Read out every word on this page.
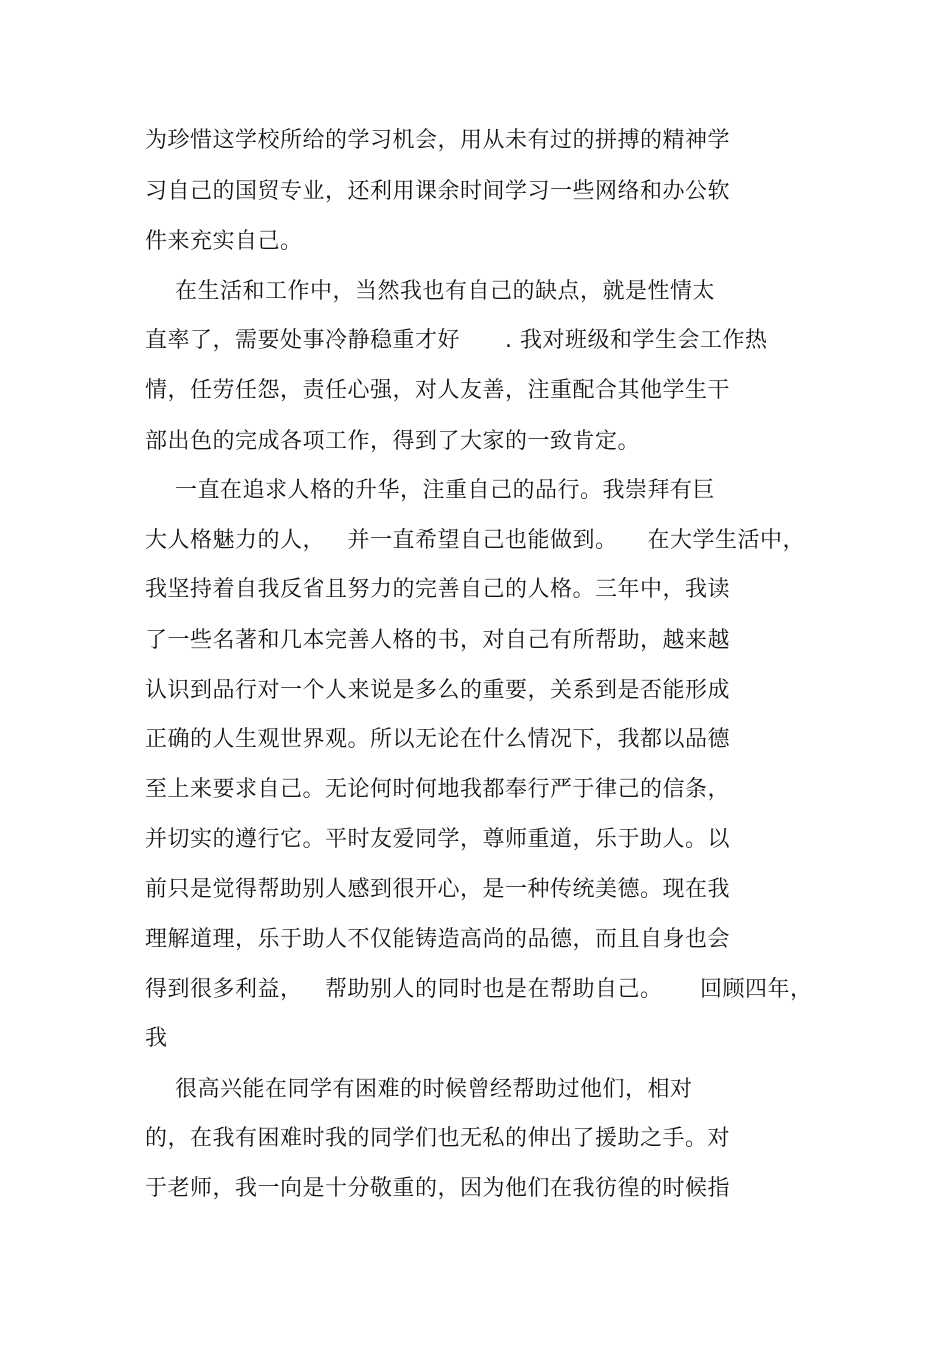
为珍惜这学校所给的学习机会，用从未有过的拼搏的精神学
习自己的国贸专业，还利用课余时间学习一些网络和办公软
件来充实自己。
在生活和工作中，当然我也有自己的缺点，就是性情太
直率了，需要处事冷静稳重才好      . 我对班级和学生会工作热
情，任劳任怨，责任心强，对人友善，注重配合其他学生干
部出色的完成各项工作，得到了大家的一致肯定。
一直在追求人格的升华，注重自己的品行。我崇拜有巨
大人格魅力的人，   并一直希望自己也能做到。    在大学生活中，
我坚持着自我反省且努力的完善自己的人格。三年中，我读
了一些名著和几本完善人格的书，对自己有所帮助，越来越
认识到品行对一个人来说是多么的重要，关系到是否能形成
正确的人生观世界观。所以无论在什么情况下，我都以品德
至上来要求自己。无论何时何地我都奉行严于律己的信条，
并切实的遵行它。平时友爱同学，尊师重道，乐于助人。以
前只是觉得帮助别人感到很开心，是一种传统美德。现在我
理解道理，乐于助人不仅能铸造高尚的品德，而且自身也会
得到很多利益，   帮助别人的同时也是在帮助自己。     回顾四年，
我
很高兴能在同学有困难的时候曾经帮助过他们，相对
的，在我有困难时我的同学们也无私的伸出了援助之手。对
于老师，我一向是十分敬重的，因为他们在我彷徨的时候指
